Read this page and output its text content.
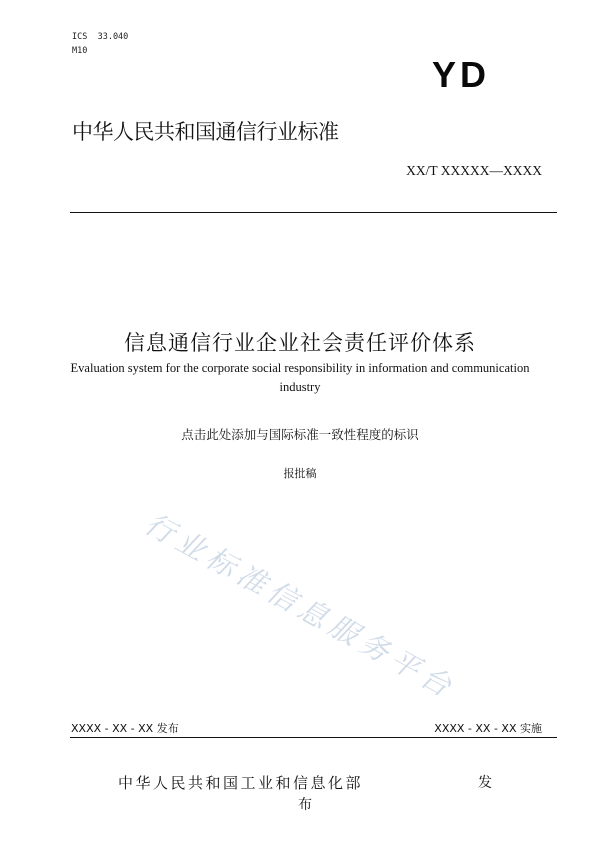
ICS  33.040
M10
YD
中华人民共和国通信行业标准
XX/T XXXXX—XXXX
信息通信行业企业社会责任评价体系
Evaluation system for the corporate social responsibility in information and communication industry
点击此处添加与国际标准一致性程度的标识
报批稿
行业标准信息服务平台
XXXX - XX - XX 发布	XXXX - XX - XX 实施
中华人民共和国工业和信息化部	发
布
